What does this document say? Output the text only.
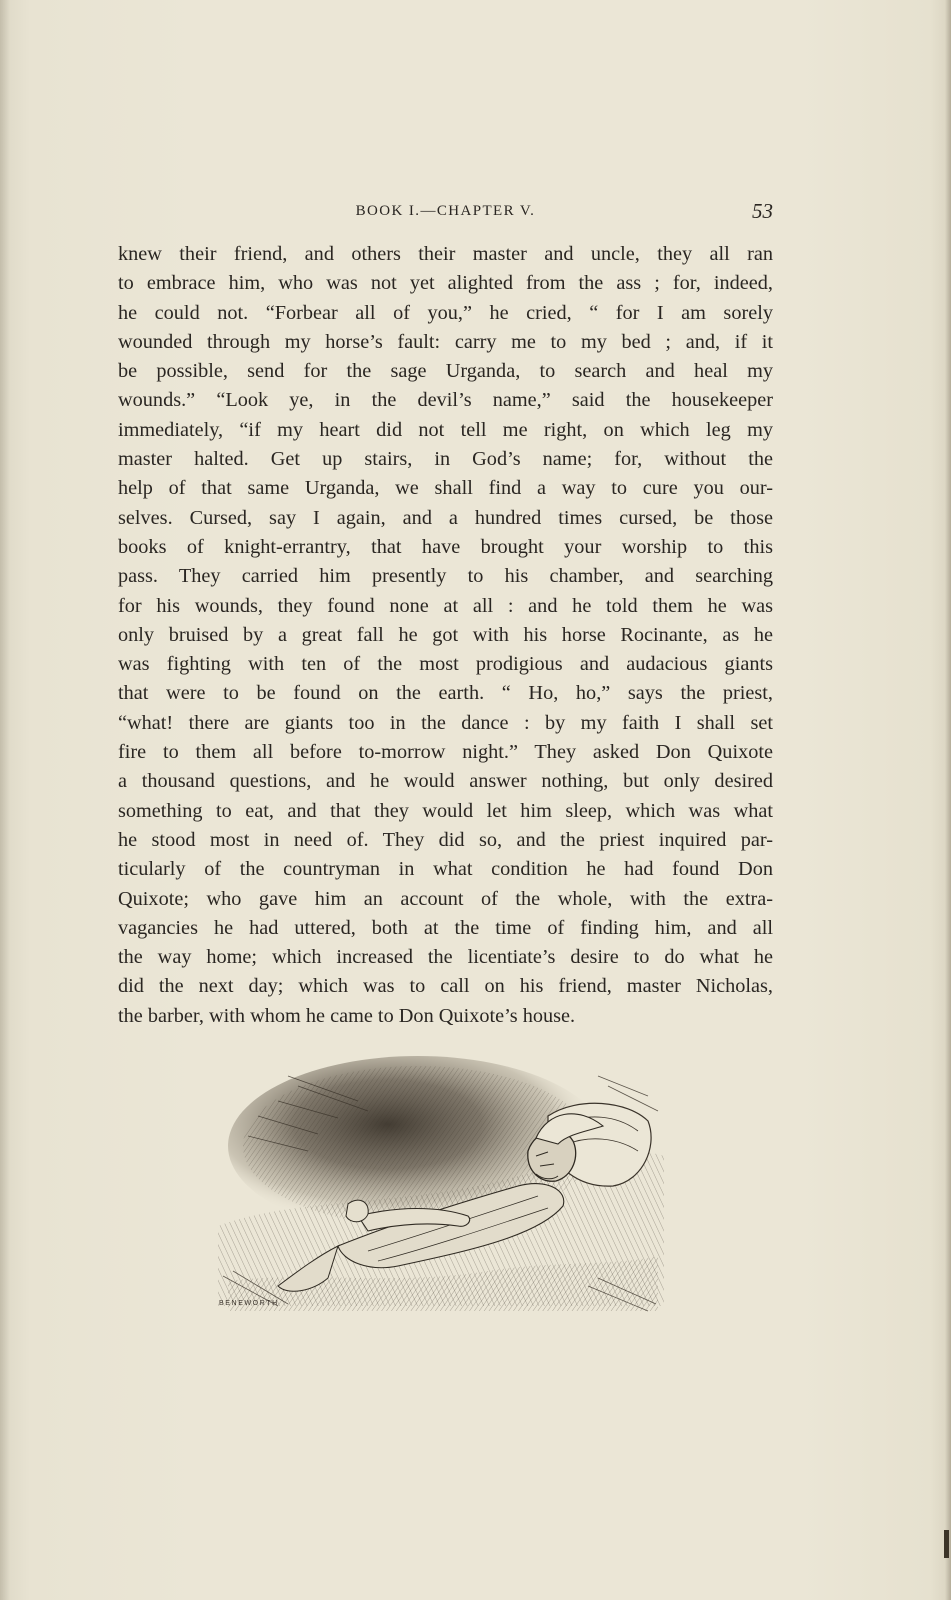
BOOK I.—CHAPTER V.	53
knew their friend, and others their master and uncle, they all ran
to embrace him, who was not yet alighted from the ass ; for, indeed,
he could not. “Forbear all of you,” he cried, “ for I am sorely
wounded through my horse’s fault: carry me to my bed ; and, if it
be possible, send for the sage Urganda, to search and heal my
wounds.” “Look ye, in the devil’s name,” said the housekeeper
immediately, “if my heart did not tell me right, on which leg my
master halted. Get up stairs, in God’s name; for, without the
help of that same Urganda, we shall find a way to cure you our-
selves. Cursed, say I again, and a hundred times cursed, be those
books of knight-errantry, that have brought your worship to this
pass. They carried him presently to his chamber, and searching
for his wounds, they found none at all : and he told them he was
only bruised by a great fall he got with his horse Rocinante, as he
was fighting with ten of the most prodigious and audacious giants
that were to be found on the earth. “ Ho, ho,” says the priest,
“what! there are giants too in the dance : by my faith I shall set
fire to them all before to-morrow night.” They asked Don Quixote
a thousand questions, and he would answer nothing, but only desired
something to eat, and that they would let him sleep, which was what
he stood most in need of. They did so, and the priest inquired par-
ticularly of the countryman in what condition he had found Don
Quixote; who gave him an account of the whole, with the extra-
vagancies he had uttered, both at the time of finding him, and all
the way home; which increased the licentiate’s desire to do what he
did the next day; which was to call on his friend, master Nicholas,
the barber, with whom he came to Don Quixote’s house.
BENEWORTH
